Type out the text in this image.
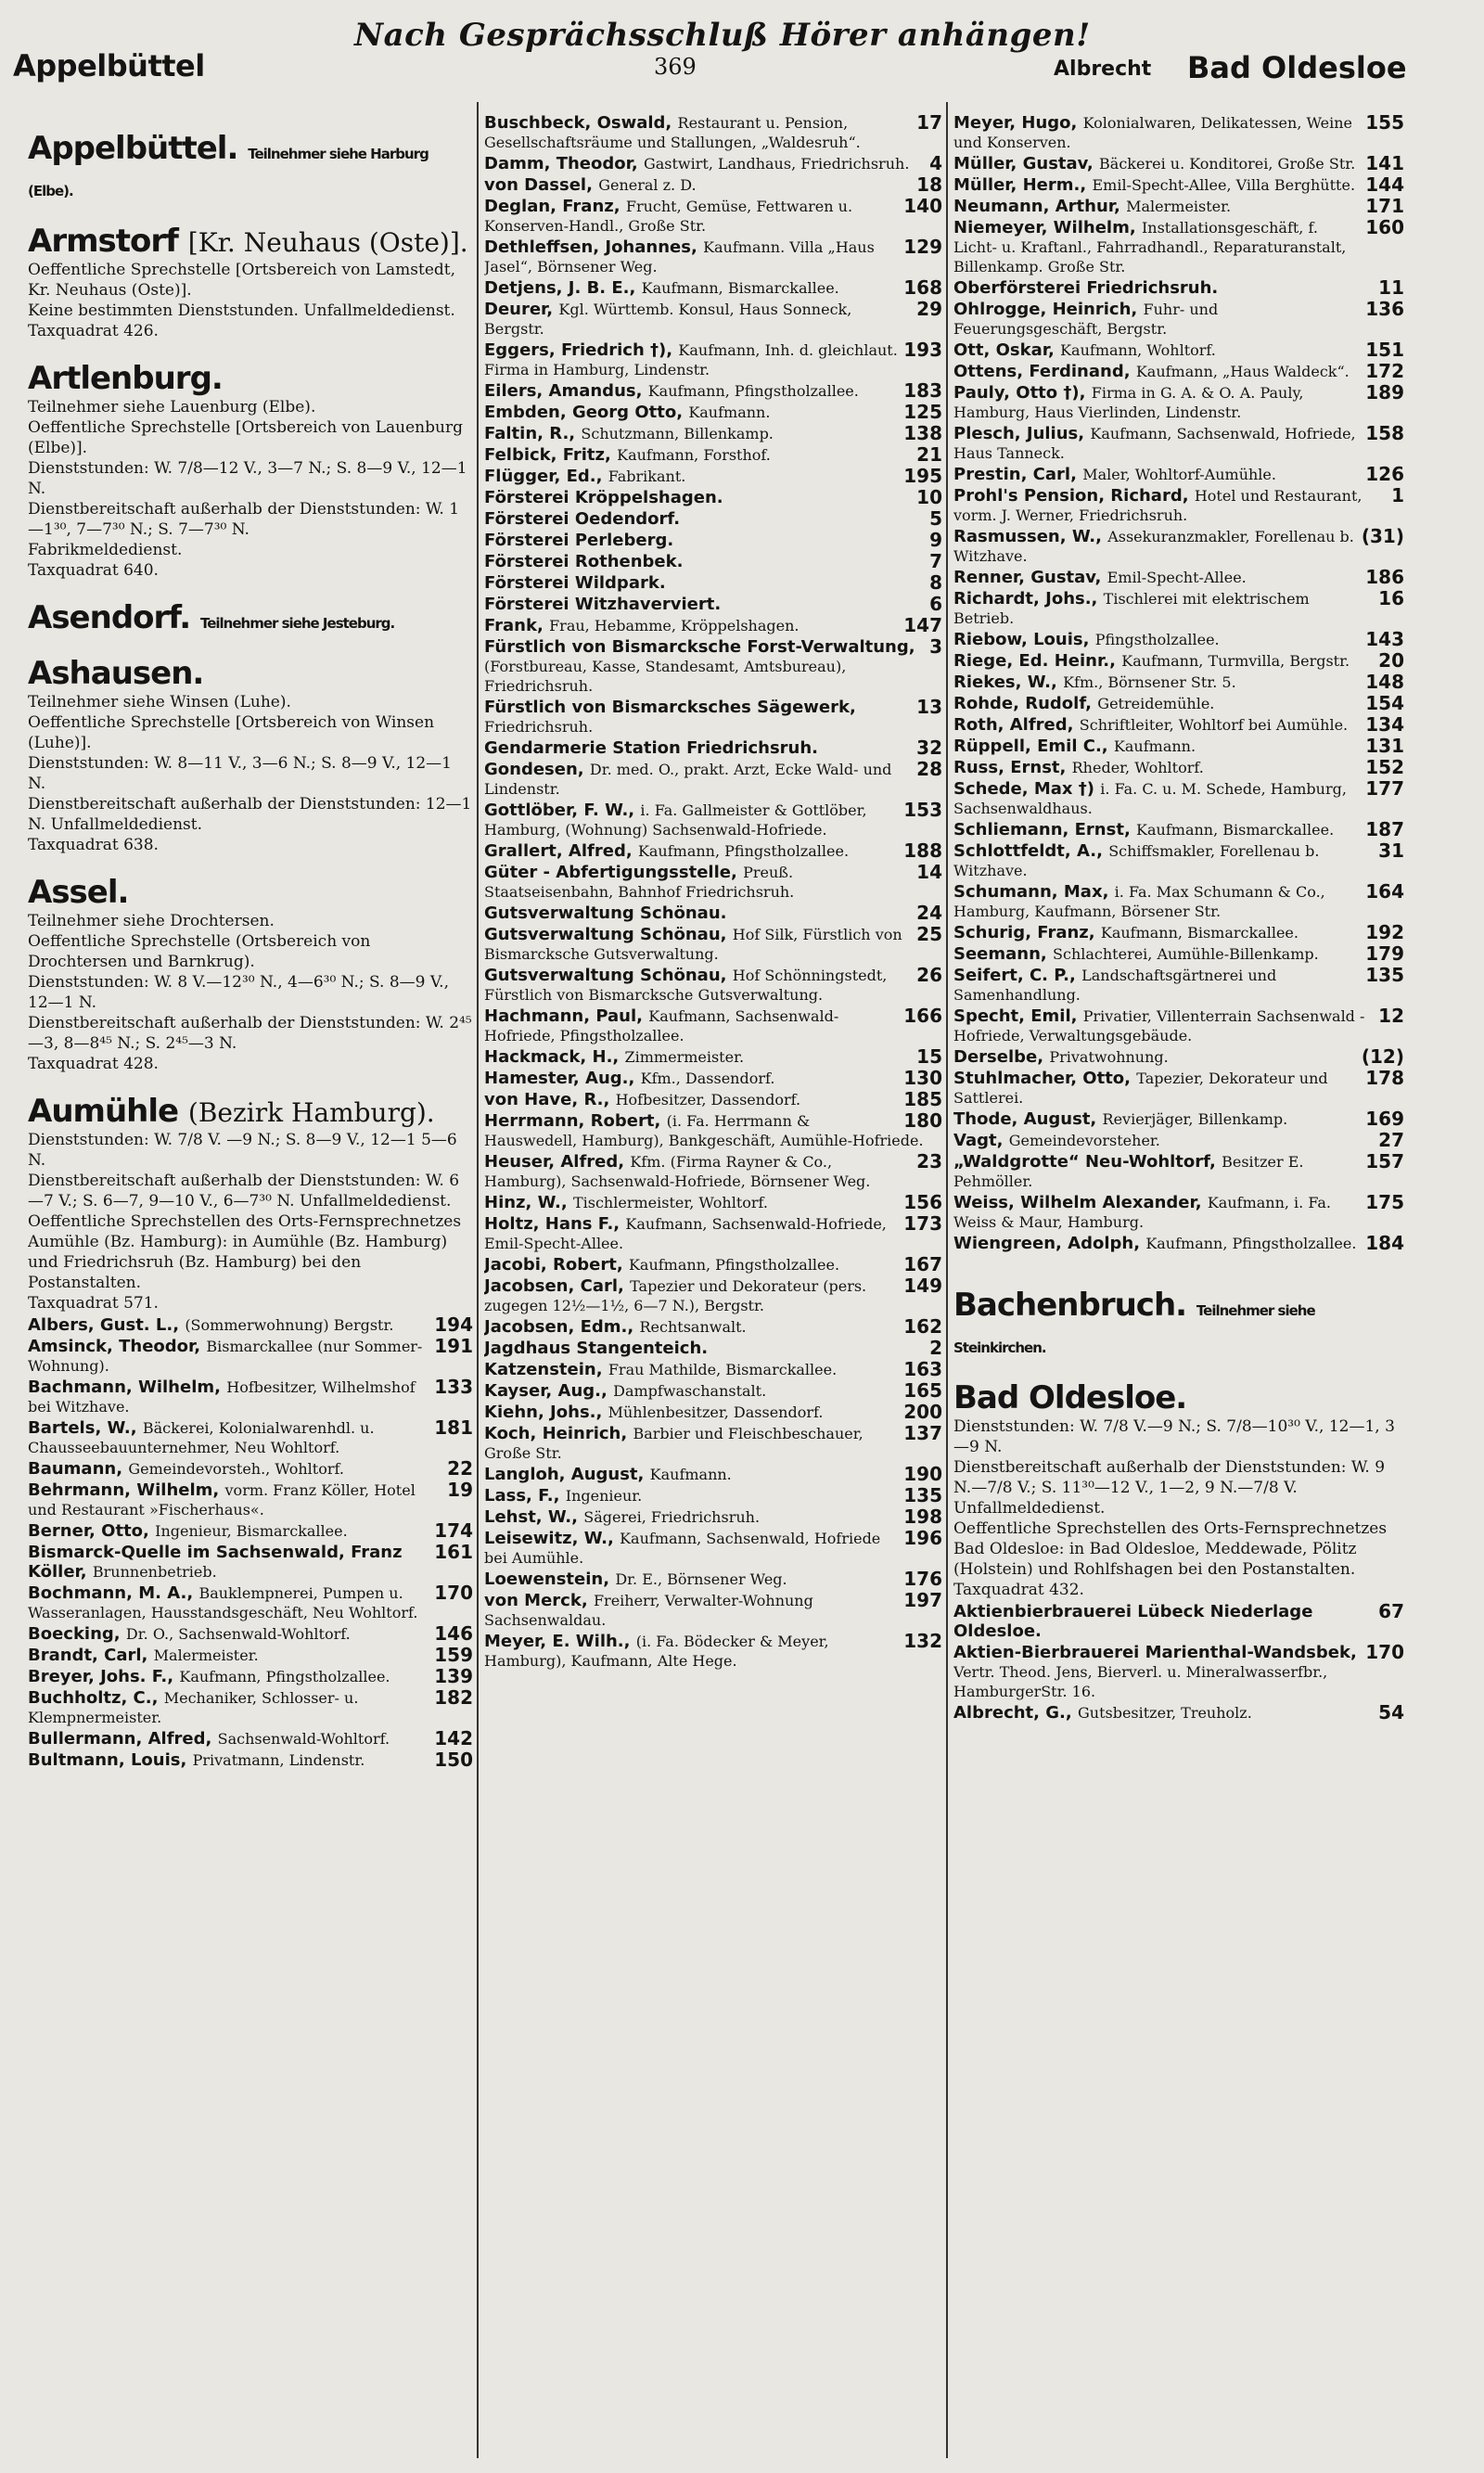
Appelbüttel
Nach Gesprächsschluß Hörer anhängen!
369	Albrecht Bad Oldesloe
Appelbüttel. Teilnehmer siehe Harburg (Elbe).
Armstorf [Kr. Neuhaus (Oste)].
Oeffentliche Sprechstelle [Ortsbereich von Lamstedt, Kr. Neuhaus (Oste)].
Keine bestimmten Dienststunden. Unfallmeldedienst.
Taxquadrat 426.
Artlenburg.
Teilnehmer siehe Lauenburg (Elbe).
Oeffentliche Sprechstelle [Ortsbereich von Lauenburg (Elbe)].
Dienststunden: W. 7/8—12 V., 3—7 N.; S. 8—9 V., 12—1 N.
Dienstbereitschaft außerhalb der Dienststunden: W. 1—1³⁰, 7—7³⁰ N.; S. 7—7³⁰ N.
Fabrikmeldedienst.
Taxquadrat 640.
Asendorf. Teilnehmer siehe Jesteburg.
Ashausen.
Teilnehmer siehe Winsen (Luhe).
Oeffentliche Sprechstelle [Ortsbereich von Winsen (Luhe)].
Dienststunden: W. 8—11 V., 3—6 N.; S. 8—9 V., 12—1 N.
Dienstbereitschaft außerhalb der Dienststunden: 12—1 N. Unfallmeldedienst.
Taxquadrat 638.
Assel.
Teilnehmer siehe Drochtersen.
Oeffentliche Sprechstelle (Ortsbereich von Drochtersen und Barnkrug).
Dienststunden: W. 8 V.—12³⁰ N., 4—6³⁰ N.; S. 8—9 V., 12—1 N.
Dienstbereitschaft außerhalb der Dienststunden: W. 2⁴⁵—3, 8—8⁴⁵ N.; S. 2⁴⁵—3 N.
Taxquadrat 428.
Aumühle (Bezirk Hamburg).
Dienststunden: W. 7/8 V. —9 N.; S. 8—9 V., 12—1 5—6 N.
Dienstbereitschaft außerhalb der Dienststunden: W. 6—7 V.; S. 6—7, 9—10 V., 6—7³⁰ N. Unfallmeldedienst.
Oeffentliche Sprechstellen des Orts-Fernsprechnetzes Aumühle (Bz. Hamburg): in Aumühle (Bz. Hamburg) und Friedrichsruh (Bz. Hamburg) bei den Postanstalten.
Taxquadrat 571.
194
Albers, Gust. L., (Sommerwohnung) Bergstr.
191
Amsinck, Theodor, Bismarckallee (nur Sommer-Wohnung).
133
Bachmann, Wilhelm, Hofbesitzer, Wilhelmshof bei Witzhave.
181
Bartels, W., Bäckerei, Kolonialwarenhdl. u. Chausseebauunternehmer, Neu Wohltorf.
22
Baumann, Gemeindevorsteh., Wohltorf.
19
Behrmann, Wilhelm, vorm. Franz Köller, Hotel und Restaurant »Fischerhaus«.
174
Berner, Otto, Ingenieur, Bismarckallee.
161
Bismarck-Quelle im Sachsenwald, Franz Köller, Brunnenbetrieb.
170
Bochmann, M. A., Bauklempnerei, Pumpen u. Wasseranlagen, Hausstandsgeschäft, Neu Wohltorf.
146
Boecking, Dr. O., Sachsenwald-Wohltorf.
159
Brandt, Carl, Malermeister.
139
Breyer, Johs. F., Kaufmann, Pfingstholzallee.
182
Buchholtz, C., Mechaniker, Schlosser- u. Klempnermeister.
142
Bullermann, Alfred, Sachsenwald-Wohltorf.
150
Bultmann, Louis, Privatmann, Lindenstr.
17
Buschbeck, Oswald, Restaurant u. Pension, Gesellschaftsräume und Stallungen, „Waldesruh“.
4
Damm, Theodor, Gastwirt, Landhaus, Friedrichsruh.
18
von Dassel, General z. D.
140
Deglan, Franz, Frucht, Gemüse, Fettwaren u. Konserven-Handl., Große Str.
129
Dethleffsen, Johannes, Kaufmann. Villa „Haus Jasel“, Börnsener Weg.
168
Detjens, J. B. E., Kaufmann, Bismarckallee.
29
Deurer, Kgl. Württemb. Konsul, Haus Sonneck, Bergstr.
193
Eggers, Friedrich †), Kaufmann, Inh. d. gleichlaut. Firma in Hamburg, Lindenstr.
183
Eilers, Amandus, Kaufmann, Pfingstholzallee.
125
Embden, Georg Otto, Kaufmann.
138
Faltin, R., Schutzmann, Billenkamp.
21
Felbick, Fritz, Kaufmann, Forsthof.
195
Flügger, Ed., Fabrikant.
10
Försterei Kröppelshagen.
5
Försterei Oedendorf.
9
Försterei Perleberg.
7
Försterei Rothenbek.
8
Försterei Wildpark.
6
Försterei Witzhaverviert.
147
Frank, Frau, Hebamme, Kröppelshagen.
3
Fürstlich von Bismarcksche Forst-Verwaltung, (Forstbureau, Kasse, Standesamt, Amtsbureau), Friedrichsruh.
13
Fürstlich von Bismarcksches Sägewerk, Friedrichsruh.
32
Gendarmerie Station Friedrichsruh.
28
Gondesen, Dr. med. O., prakt. Arzt, Ecke Wald- und Lindenstr.
153
Gottlöber, F. W., i. Fa. Gallmeister & Gottlöber, Hamburg, (Wohnung) Sachsenwald-Hofriede.
188
Grallert, Alfred, Kaufmann, Pfingstholzallee.
14
Güter - Abfertigungsstelle, Preuß. Staatseisenbahn, Bahnhof Friedrichsruh.
24
Gutsverwaltung Schönau.
25
Gutsverwaltung Schönau, Hof Silk, Fürstlich von Bismarcksche Gutsverwaltung.
26
Gutsverwaltung Schönau, Hof Schönningstedt, Fürstlich von Bismarcksche Gutsverwaltung.
166
Hachmann, Paul, Kaufmann, Sachsenwald-Hofriede, Pfingstholzallee.
15
Hackmack, H., Zimmermeister.
130
Hamester, Aug., Kfm., Dassendorf.
185
von Have, R., Hofbesitzer, Dassendorf.
180
Herrmann, Robert, (i. Fa. Herrmann & Hauswedell, Hamburg), Bankgeschäft, Aumühle-Hofriede.
23
Heuser, Alfred, Kfm. (Firma Rayner & Co., Hamburg), Sachsenwald-Hofriede, Börnsener Weg.
156
Hinz, W., Tischlermeister, Wohltorf.
173
Holtz, Hans F., Kaufmann, Sachsenwald-Hofriede, Emil-Specht-Allee.
167
Jacobi, Robert, Kaufmann, Pfingstholzallee.
149
Jacobsen, Carl, Tapezier und Dekorateur (pers. zugegen 12½—1½, 6—7 N.), Bergstr.
162
Jacobsen, Edm., Rechtsanwalt.
2
Jagdhaus Stangenteich.
163
Katzenstein, Frau Mathilde, Bismarckallee.
165
Kayser, Aug., Dampfwaschanstalt.
200
Kiehn, Johs., Mühlenbesitzer, Dassendorf.
137
Koch, Heinrich, Barbier und Fleischbeschauer, Große Str.
190
Langloh, August, Kaufmann.
135
Lass, F., Ingenieur.
198
Lehst, W., Sägerei, Friedrichsruh.
196
Leisewitz, W., Kaufmann, Sachsenwald, Hofriede bei Aumühle.
176
Loewenstein, Dr. E., Börnsener Weg.
197
von Merck, Freiherr, Verwalter-Wohnung Sachsenwaldau.
132
Meyer, E. Wilh., (i. Fa. Bödecker & Meyer, Hamburg), Kaufmann, Alte Hege.
155
Meyer, Hugo, Kolonialwaren, Delikatessen, Weine und Konserven.
141
Müller, Gustav, Bäckerei u. Konditorei, Große Str.
144
Müller, Herm., Emil-Specht-Allee, Villa Berghütte.
171
Neumann, Arthur, Malermeister.
160
Niemeyer, Wilhelm, Installationsgeschäft, f. Licht- u. Kraftanl., Fahrradhandl., Reparaturanstalt, Billenkamp. Große Str.
11
Oberförsterei Friedrichsruh.
136
Ohlrogge, Heinrich, Fuhr- und Feuerungsgeschäft, Bergstr.
151
Ott, Oskar, Kaufmann, Wohltorf.
172
Ottens, Ferdinand, Kaufmann, „Haus Waldeck“.
189
Pauly, Otto †), Firma in G. A. & O. A. Pauly, Hamburg, Haus Vierlinden, Lindenstr.
158
Plesch, Julius, Kaufmann, Sachsenwald, Hofriede, Haus Tanneck.
126
Prestin, Carl, Maler, Wohltorf-Aumühle.
1
Prohl's Pension, Richard, Hotel und Restaurant, vorm. J. Werner, Friedrichsruh.
(31)
Rasmussen, W., Assekuranzmakler, Forellenau b. Witzhave.
186
Renner, Gustav, Emil-Specht-Allee.
16
Richardt, Johs., Tischlerei mit elektrischem Betrieb.
143
Riebow, Louis, Pfingstholzallee.
20
Riege, Ed. Heinr., Kaufmann, Turmvilla, Bergstr.
148
Riekes, W., Kfm., Börnsener Str. 5.
154
Rohde, Rudolf, Getreidemühle.
134
Roth, Alfred, Schriftleiter, Wohltorf bei Aumühle.
131
Rüppell, Emil C., Kaufmann.
152
Russ, Ernst, Rheder, Wohltorf.
177
Schede, Max †) i. Fa. C. u. M. Schede, Hamburg, Sachsenwaldhaus.
187
Schliemann, Ernst, Kaufmann, Bismarckallee.
31
Schlottfeldt, A., Schiffsmakler, Forellenau b. Witzhave.
164
Schumann, Max, i. Fa. Max Schumann & Co., Hamburg, Kaufmann, Börsener Str.
192
Schurig, Franz, Kaufmann, Bismarckallee.
179
Seemann, Schlachterei, Aumühle-Billenkamp.
135
Seifert, C. P., Landschaftsgärtnerei und Samenhandlung.
12
Specht, Emil, Privatier, Villenterrain Sachsenwald - Hofriede, Verwaltungsgebäude.
(12)
Derselbe, Privatwohnung.
178
Stuhlmacher, Otto, Tapezier, Dekorateur und Sattlerei.
169
Thode, August, Revierjäger, Billenkamp.
27
Vagt, Gemeindevorsteher.
157
„Waldgrotte“ Neu-Wohltorf, Besitzer E. Pehmöller.
175
Weiss, Wilhelm Alexander, Kaufmann, i. Fa. Weiss & Maur, Hamburg.
184
Wiengreen, Adolph, Kaufmann, Pfingstholzallee.
Bachenbruch. Teilnehmer siehe Steinkirchen.
Bad Oldesloe.
Dienststunden: W. 7/8 V.—9 N.; S. 7/8—10³⁰ V., 12—1, 3—9 N.
Dienstbereitschaft außerhalb der Dienststunden: W. 9 N.—7/8 V.; S. 11³⁰—12 V., 1—2, 9 N.—7/8 V. Unfallmeldedienst.
Oeffentliche Sprechstellen des Orts-Fernsprechnetzes Bad Oldesloe: in Bad Oldesloe, Meddewade, Pölitz (Holstein) und Rohlfshagen bei den Postanstalten.
Taxquadrat 432.
67
Aktienbierbrauerei Lübeck Niederlage Oldesloe.
170
Aktien-Bierbrauerei Marienthal-Wandsbek, Vertr. Theod. Jens, Bierverl. u. Mineralwasserfbr., HamburgerStr. 16.
54
Albrecht, G., Gutsbesitzer, Treuholz.
